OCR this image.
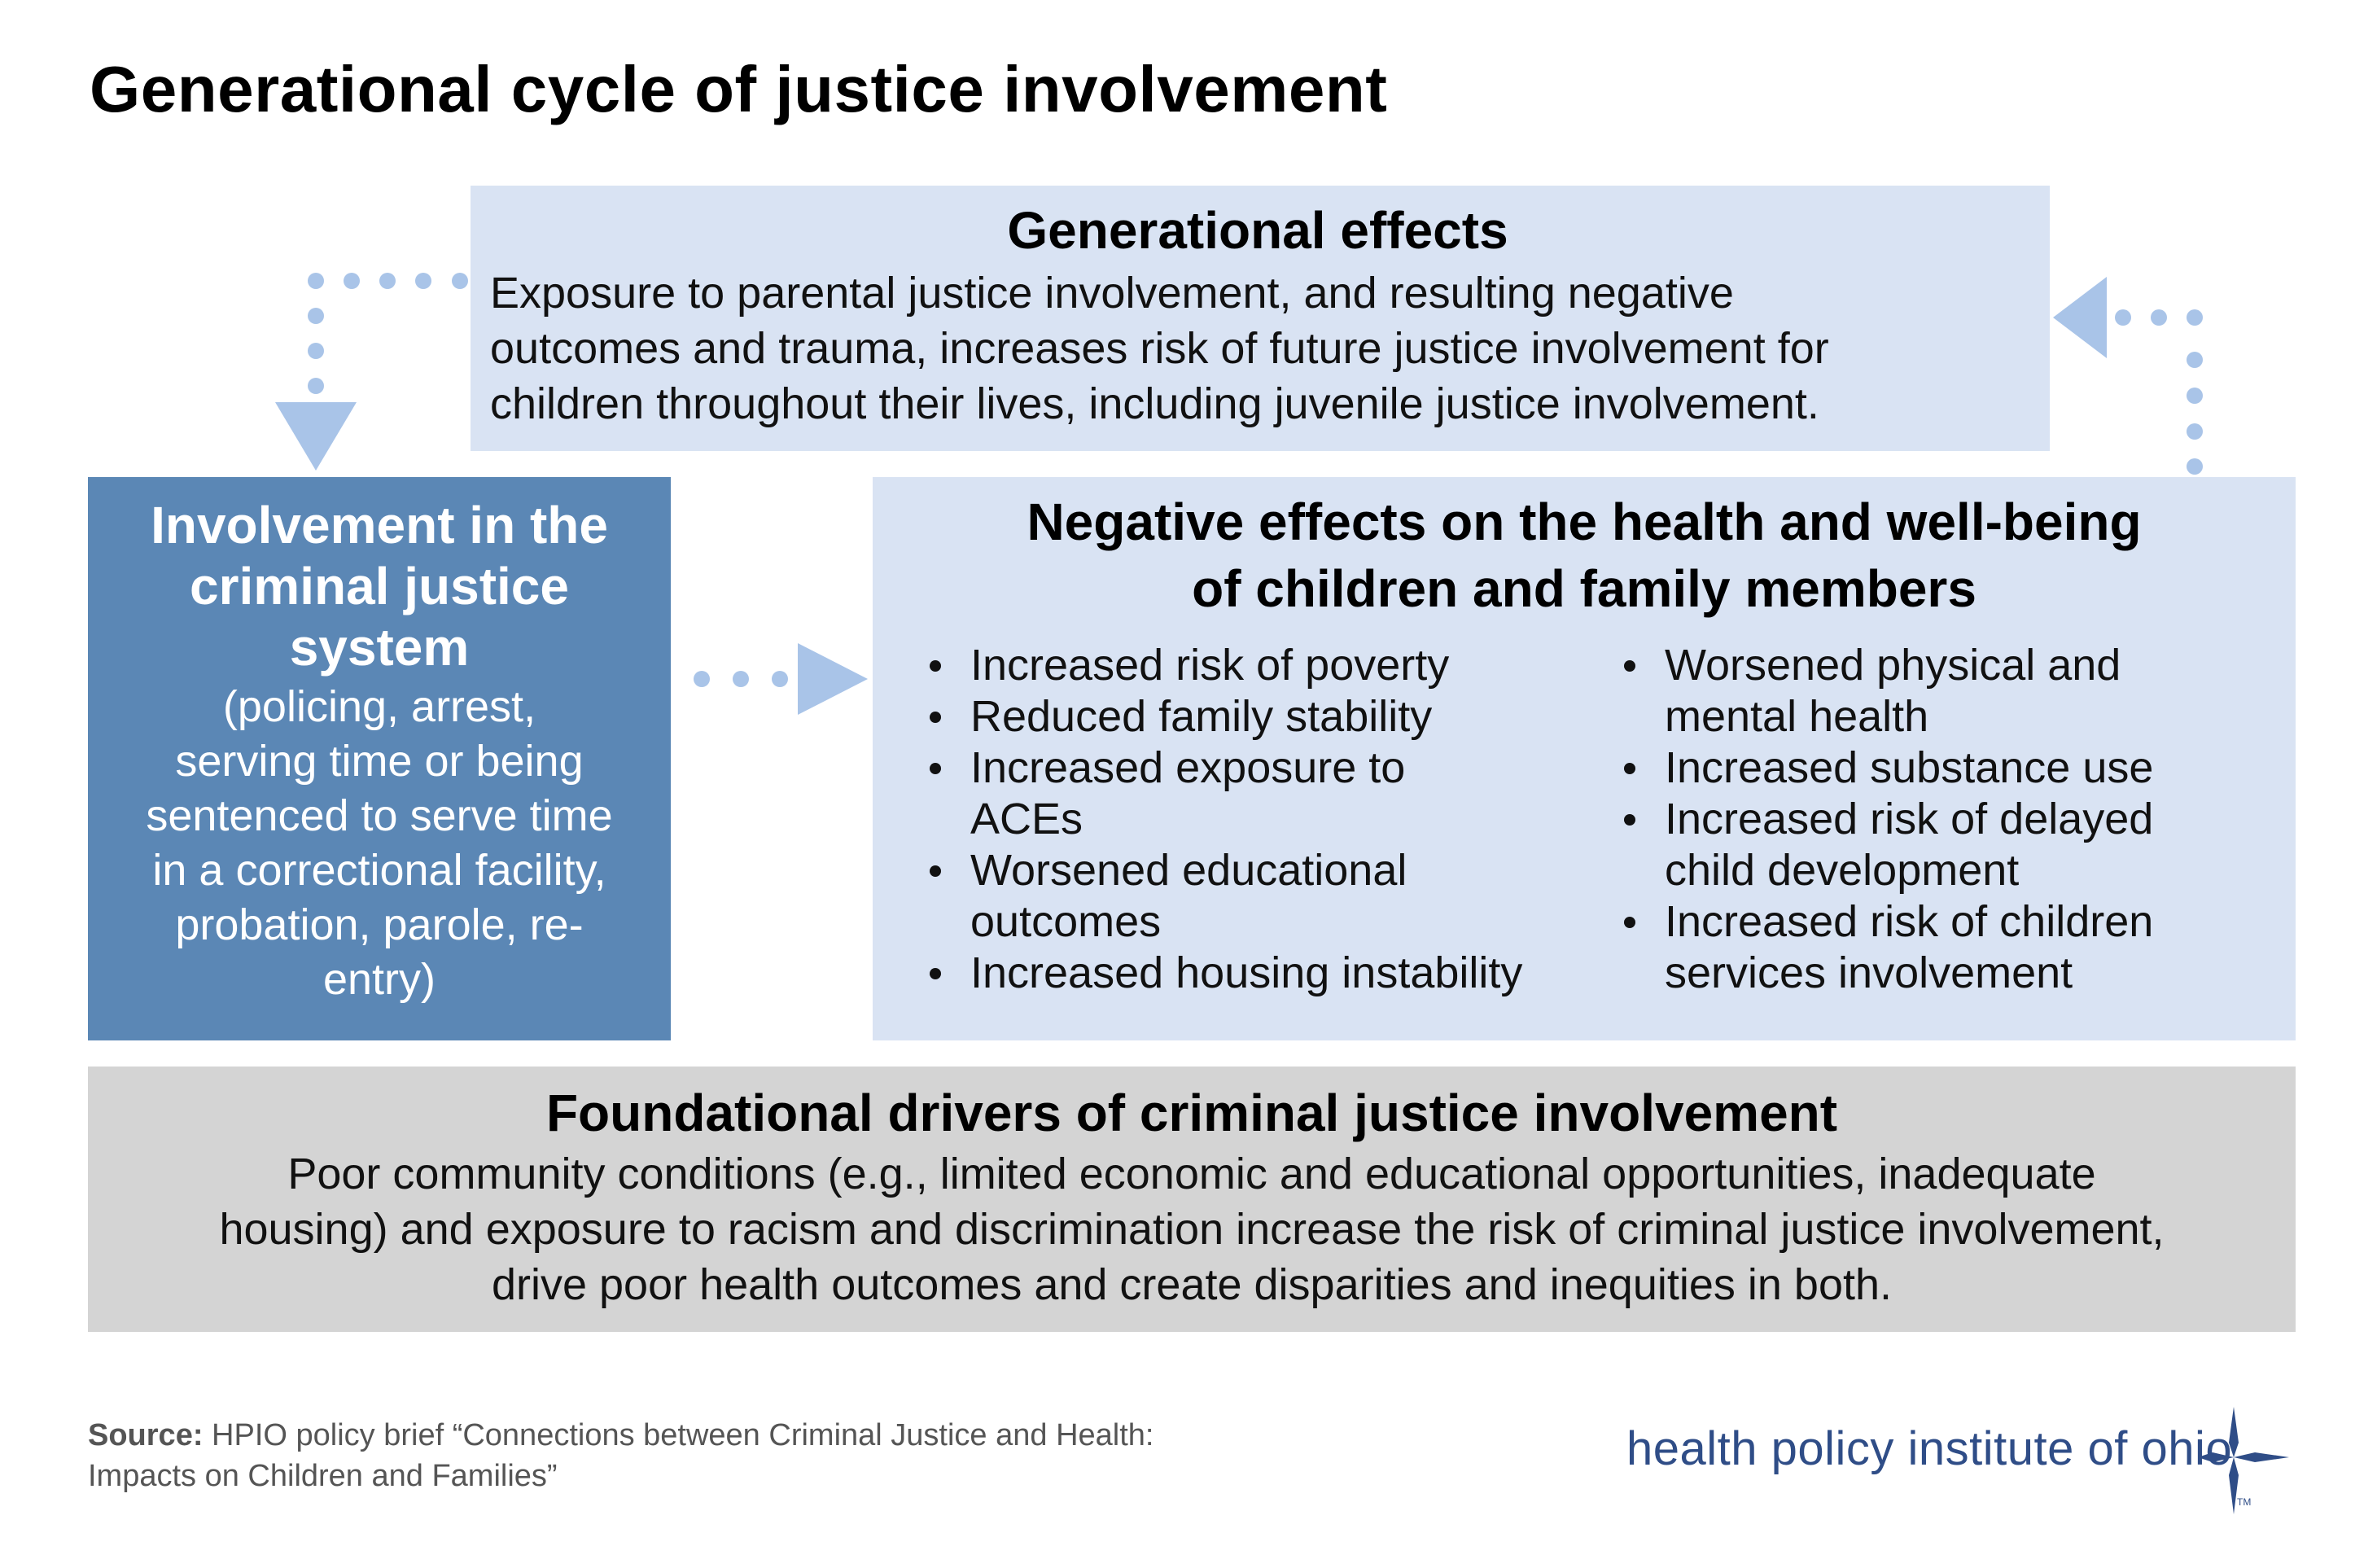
Generational cycle of justice involvement
Generational effects
Exposure to parental justice involvement, and resulting negative
outcomes and trauma, increases risk of future justice involvement for
children throughout their lives, including juvenile justice involvement.
Involvement in the
criminal justice
system
(policing, arrest,
serving time or being
sentenced to serve time
in a correctional facility,
probation, parole, re-
entry)
Negative effects on the health and well-being
of children and family members
Increased risk of poverty
Reduced family stability
Increased exposure to
ACEs
Worsened educational
outcomes
Increased housing instability
Worsened physical and
mental health
Increased substance use
Increased risk of delayed
child development
Increased risk of children
services involvement
Foundational drivers of criminal justice involvement
Poor community conditions (e.g., limited economic and educational opportunities, inadequate
housing) and exposure to racism and discrimination increase the risk of criminal justice involvement,
drive poor health outcomes and create disparities and inequities in both.
Source: HPIO policy brief “Connections between Criminal Justice and Health:
Impacts on Children and Families”
health policy institute of ohio
TM
